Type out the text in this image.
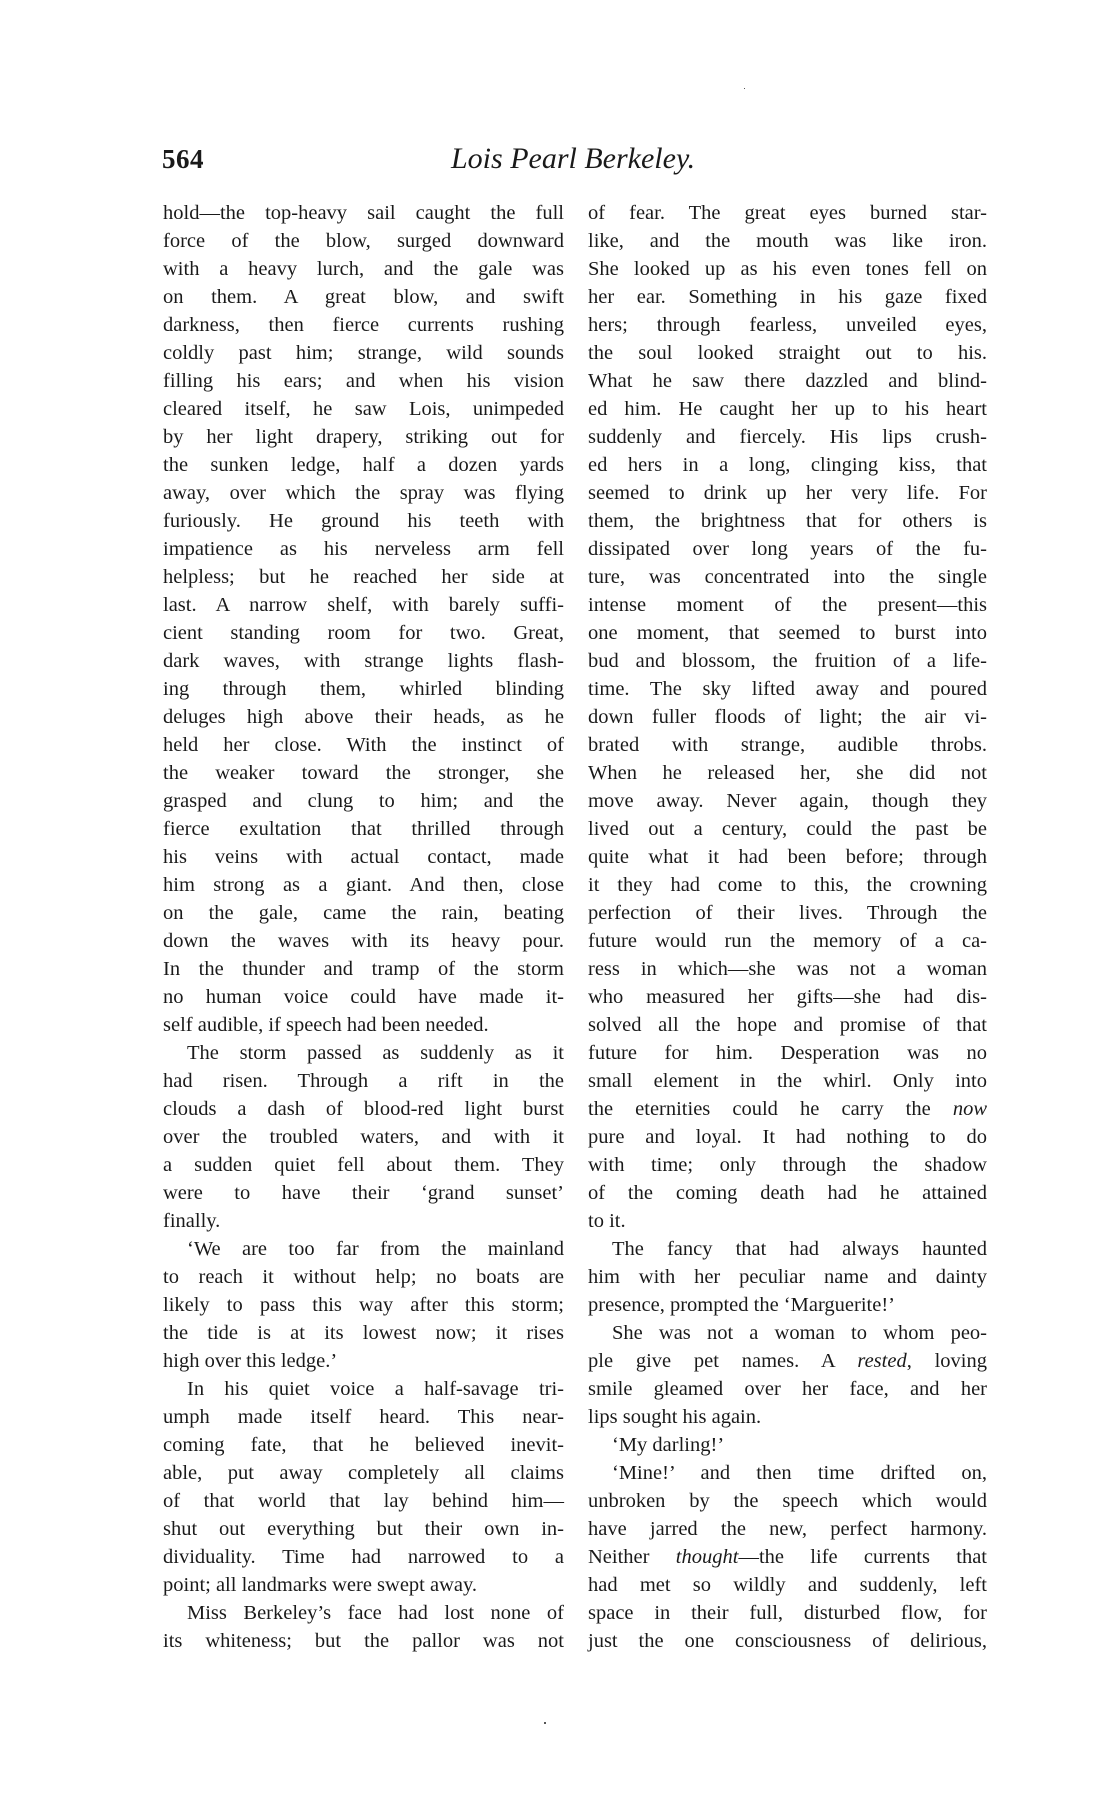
564	Lois Pearl Berkeley.
hold—the top-heavy sail caught the full
force of the blow, surged downward
with a heavy lurch, and the gale was
on them. A great blow, and swift
darkness, then fierce currents rushing
coldly past him; strange, wild sounds
filling his ears; and when his vision
cleared itself, he saw Lois, unimpeded
by her light drapery, striking out for
the sunken ledge, half a dozen yards
away, over which the spray was flying
furiously. He ground his teeth with
impatience as his nerveless arm fell
helpless; but he reached her side at
last. A narrow shelf, with barely suffi-
cient standing room for two. Great,
dark waves, with strange lights flash-
ing through them, whirled blinding
deluges high above their heads, as he
held her close. With the instinct of
the weaker toward the stronger, she
grasped and clung to him; and the
fierce exultation that thrilled through
his veins with actual contact, made
him strong as a giant. And then, close
on the gale, came the rain, beating
down the waves with its heavy pour.
In the thunder and tramp of the storm
no human voice could have made it-
self audible, if speech had been needed.
The storm passed as suddenly as it
had risen. Through a rift in the
clouds a dash of blood-red light burst
over the troubled waters, and with it
a sudden quiet fell about them. They
were to have their ‘grand sunset’
finally.
‘We are too far from the mainland
to reach it without help; no boats are
likely to pass this way after this storm;
the tide is at its lowest now; it rises
high over this ledge.’
In his quiet voice a half-savage tri-
umph made itself heard. This near-
coming fate, that he believed inevit-
able, put away completely all claims
of that world that lay behind him—
shut out everything but their own in-
dividuality. Time had narrowed to a
point; all landmarks were swept away.
Miss Berkeley’s face had lost none of
its whiteness; but the pallor was not
of fear. The great eyes burned star-
like, and the mouth was like iron.
She looked up as his even tones fell on
her ear. Something in his gaze fixed
hers; through fearless, unveiled eyes,
the soul looked straight out to his.
What he saw there dazzled and blind-
ed him. He caught her up to his heart
suddenly and fiercely. His lips crush-
ed hers in a long, clinging kiss, that
seemed to drink up her very life. For
them, the brightness that for others is
dissipated over long years of the fu-
ture, was concentrated into the single
intense moment of the present—this
one moment, that seemed to burst into
bud and blossom, the fruition of a life-
time. The sky lifted away and poured
down fuller floods of light; the air vi-
brated with strange, audible throbs.
When he released her, she did not
move away. Never again, though they
lived out a century, could the past be
quite what it had been before; through
it they had come to this, the crowning
perfection of their lives. Through the
future would run the memory of a ca-
ress in which—she was not a woman
who measured her gifts—she had dis-
solved all the hope and promise of that
future for him. Desperation was no
small element in the whirl. Only into
the eternities could he carry the now
pure and loyal. It had nothing to do
with time; only through the shadow
of the coming death had he attained
to it.
The fancy that had always haunted
him with her peculiar name and dainty
presence, prompted the ‘Marguerite!’
She was not a woman to whom peo-
ple give pet names. A rested, loving
smile gleamed over her face, and her
lips sought his again.
‘My darling!’
‘Mine!’ and then time drifted on,
unbroken by the speech which would
have jarred the new, perfect harmony.
Neither thought—the life currents that
had met so wildly and suddenly, left
space in their full, disturbed flow, for
just the one consciousness of delirious,
